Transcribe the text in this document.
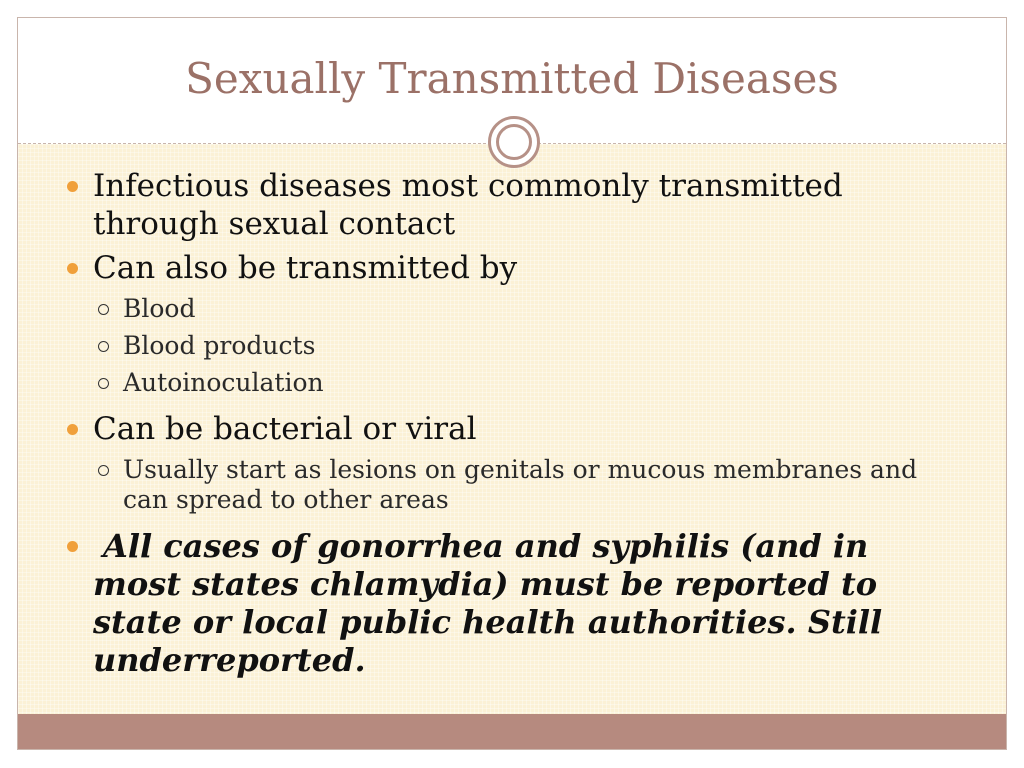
Sexually Transmitted Diseases
Infectious diseases most commonly transmitted through sexual contact
Can also be transmitted by
Blood
Blood products
Autoinoculation
Can be bacterial or viral
Usually start as lesions on genitals or mucous membranes and can spread to other areas
All cases of gonorrhea and syphilis (and in most states chlamydia) must be reported to state or local public health authorities. Still underreported.
